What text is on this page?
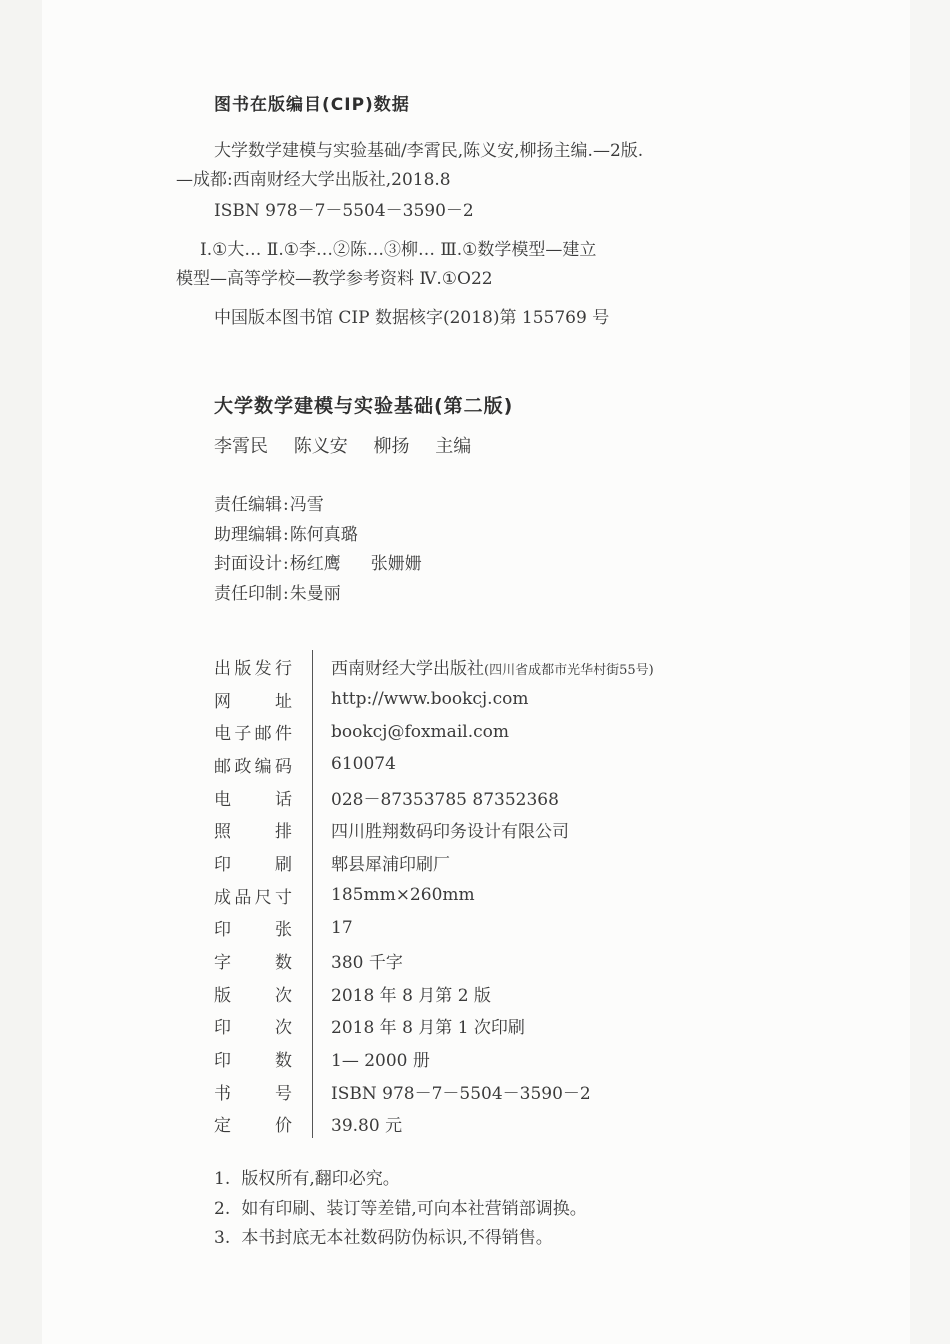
图书在版编目(CIP)数据
大学数学建模与实验基础/李霄民,陈义安,柳扬主编.—2版.
—成都:西南财经大学出版社,2018.8
ISBN 978－7－5504－3590－2
Ⅰ.①大… Ⅱ.①李…②陈…③柳… Ⅲ.①数学模型—建立
模型—高等学校—教学参考资料 Ⅳ.①O22
中国版本图书馆 CIP 数据核字(2018)第 155769 号
大学数学建模与实验基础(第二版)
李霄民 陈义安 柳扬 主编
责任编辑:冯雪
助理编辑:陈何真璐
封面设计:杨红鹰 张姗姗
责任印制:朱曼丽
出版发行 西南财经大学出版社(四川省成都市光华村街55号)
网址 http://www.bookcj.com
电子邮件 bookcj@foxmail.com
邮政编码 610074
电话 028－87353785 87352368
照排 四川胜翔数码印务设计有限公司
印刷 郫县犀浦印刷厂
成品尺寸 185mm×260mm
印张 17
字数 380 千字
版次 2018 年 8 月第 2 版
印次 2018 年 8 月第 1 次印刷
印数 1— 2000 册
书号 ISBN 978－7－5504－3590－2
定价 39.80 元
1. 版权所有,翻印必究。
2. 如有印刷、装订等差错,可向本社营销部调换。
3. 本书封底无本社数码防伪标识,不得销售。
